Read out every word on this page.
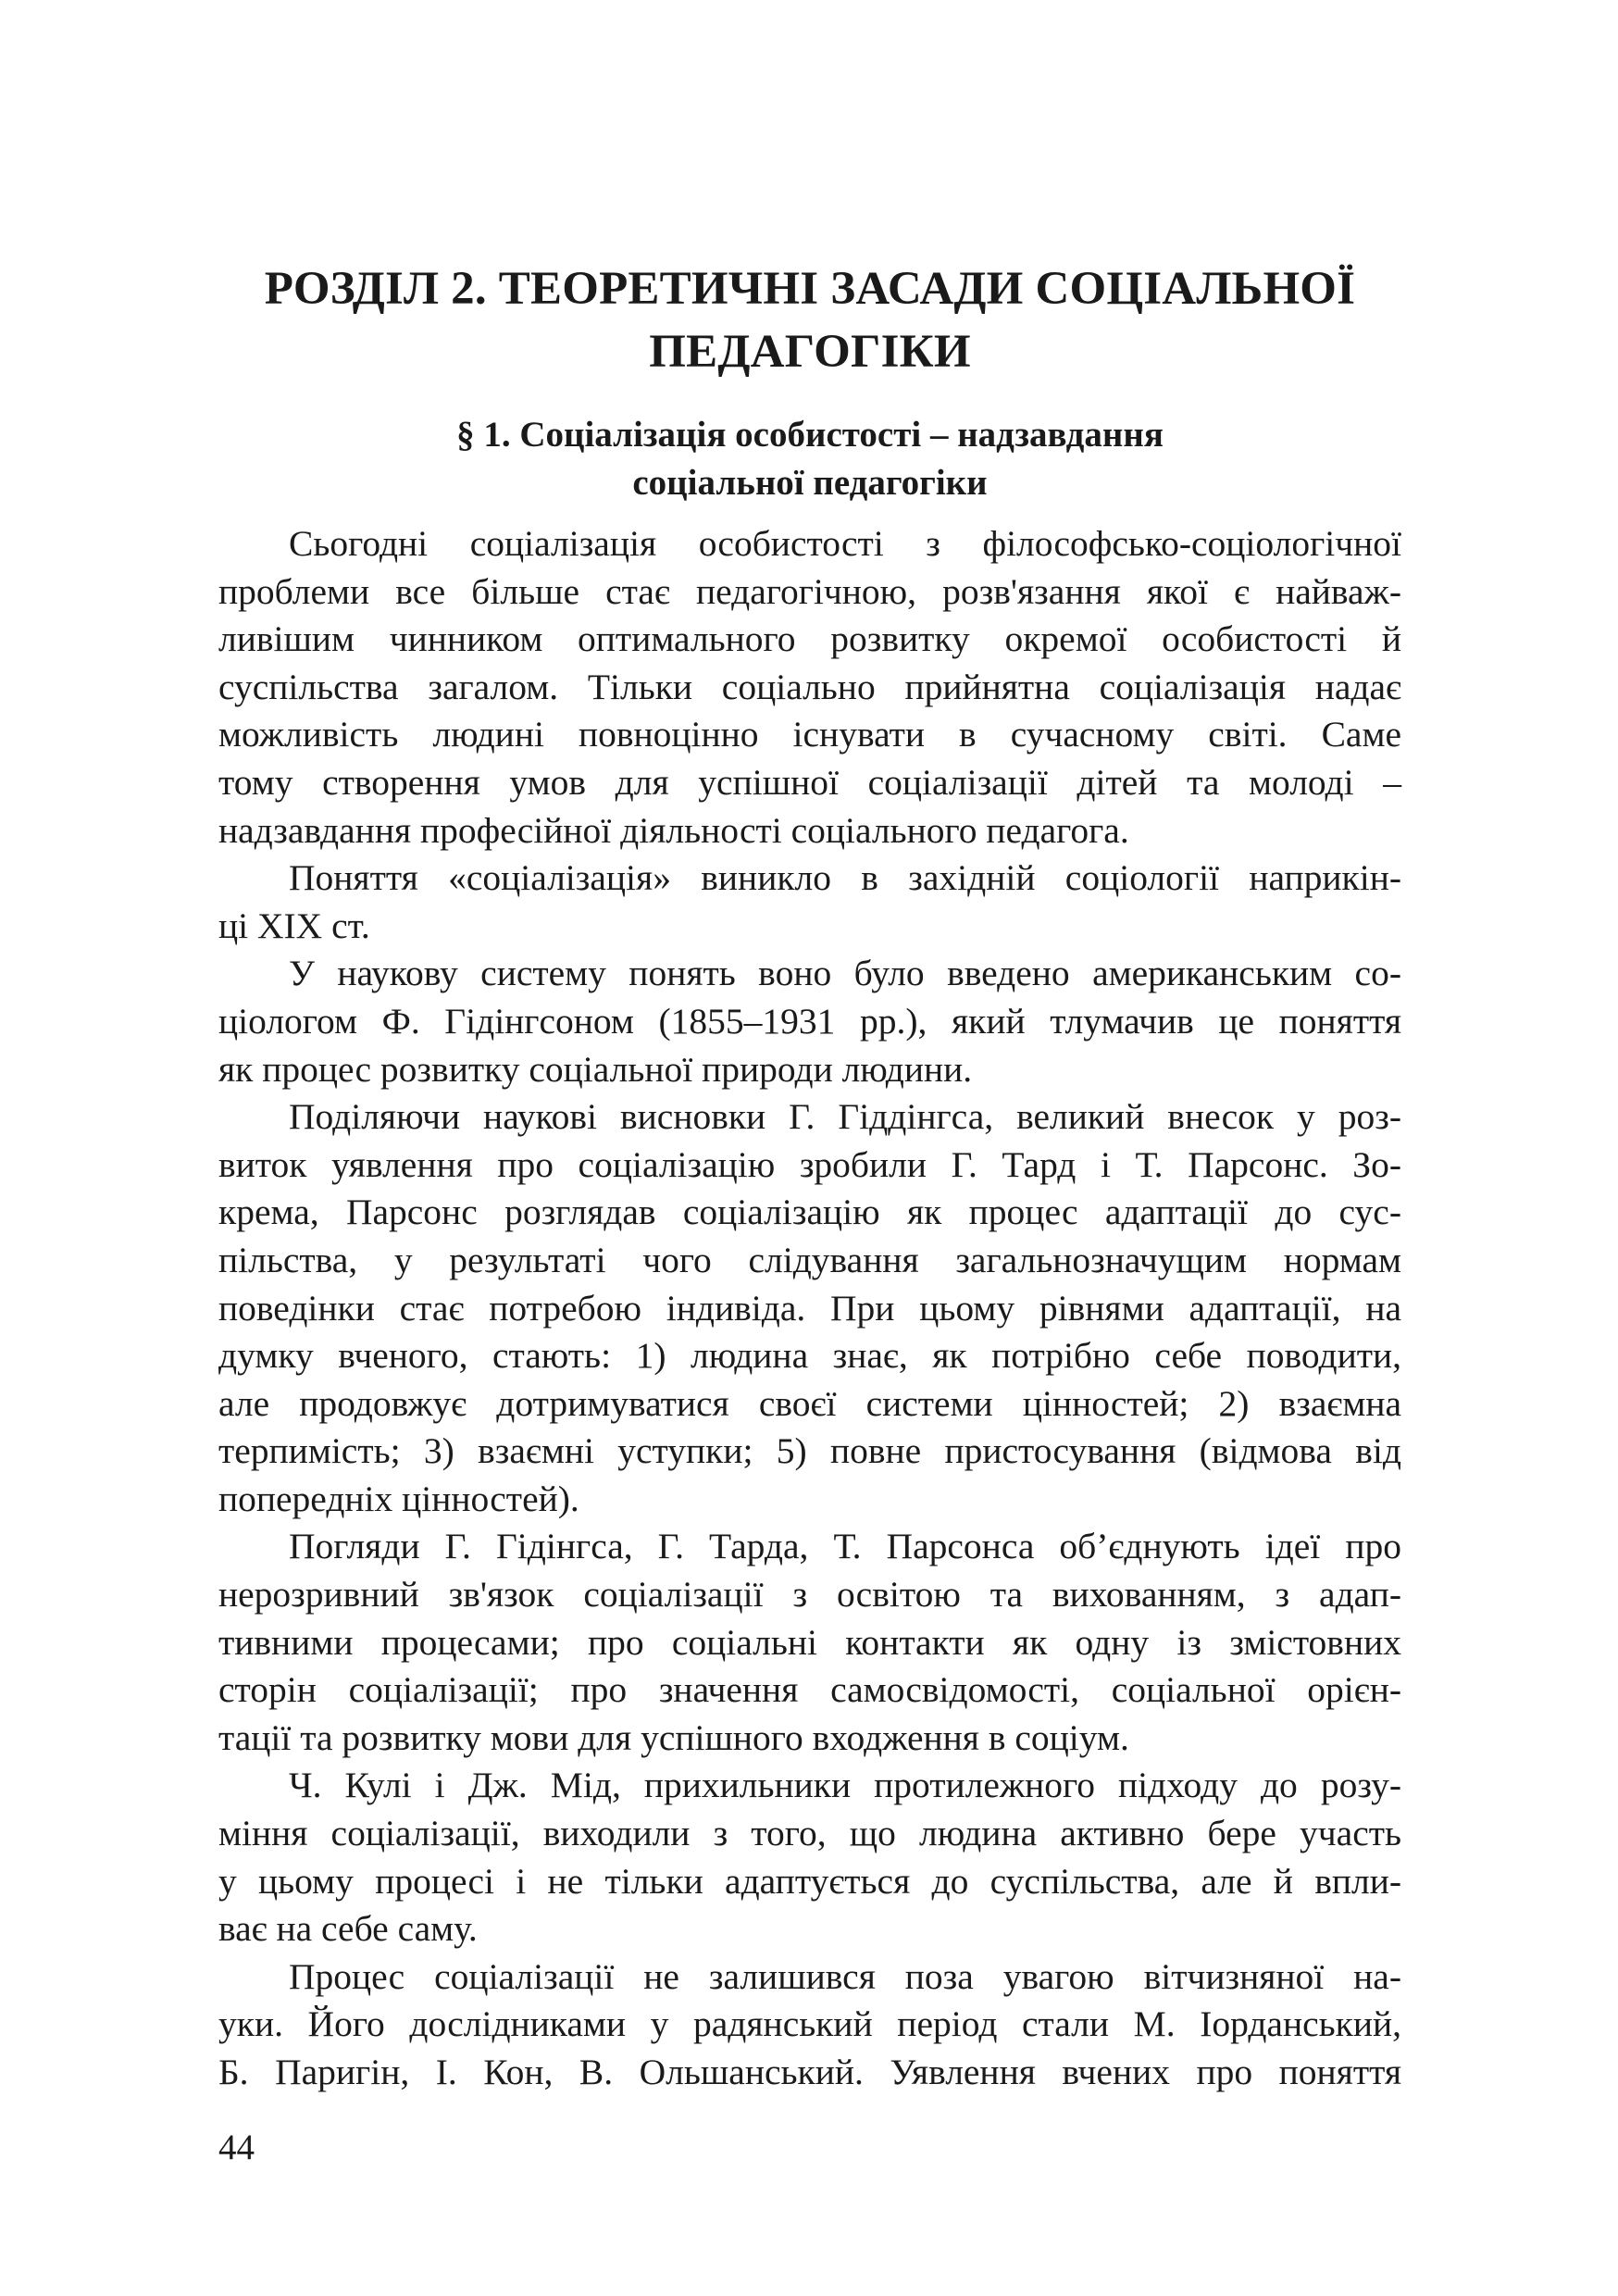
РОЗДІЛ 2. ТЕОРЕТИЧНІ ЗАСАДИ СОЦІАЛЬНОЇ
ПЕДАГОГІКИ
§ 1. Соціалізація особистості – надзавдання
соціальної педагогіки
Сьогодні соціалізація особистості з філософсько-соціологічної
проблеми все більше стає педагогічною, розв'язання якої є найваж-
ливішим чинником оптимального розвитку окремої особистості й
суспільства загалом. Тільки соціально прийнятна соціалізація надає
можливість людині повноцінно існувати в сучасному світі. Саме
тому створення умов для успішної соціалізації дітей та молоді –
надзавдання професійної діяльності соціального педагога.
Поняття «соціалізація» виникло в західній соціології наприкін-
ці XIX ст.
У наукову систему понять воно було введено американським со-
ціологом Ф. Гідінгсоном (1855–1931 рр.), який тлумачив це поняття
як процес розвитку соціальної природи людини.
Поділяючи наукові висновки Г. Гіддінгса, великий внесок у роз-
виток уявлення про соціалізацію зробили Г. Тард і Т. Парсонс. Зо-
крема, Парсонс розглядав соціалізацію як процес адаптації до сус-
пільства, у результаті чого слідування загальнозначущим нормам
поведінки стає потребою індивіда. При цьому рівнями адаптації, на
думку вченого, стають: 1) людина знає, як потрібно себе поводити,
але продовжує дотримуватися своєї системи цінностей; 2) взаємна
терпимість; 3) взаємні уступки; 5) повне пристосування (відмова від
попередніх цінностей).
Погляди Г. Гідінгса, Г. Тарда, Т. Парсонса об’єднують ідеї про
нерозривний зв'язок соціалізації з освітою та вихованням, з адап-
тивними процесами; про соціальні контакти як одну із змістовних
сторін соціалізації; про значення самосвідомості, соціальної орієн-
тації та розвитку мови для успішного входження в соціум.
Ч. Кулі і Дж. Мід, прихильники протилежного підходу до розу-
міння соціалізації, виходили з того, що людина активно бере участь
у цьому процесі і не тільки адаптується до суспільства, але й впли-
ває на себе саму.
Процес соціалізації не залишився поза увагою вітчизняної на-
уки. Його дослідниками у радянський період стали М. Іорданський,
Б. Паригін, І. Кон, В. Ольшанський. Уявлення вчених про поняття
44
